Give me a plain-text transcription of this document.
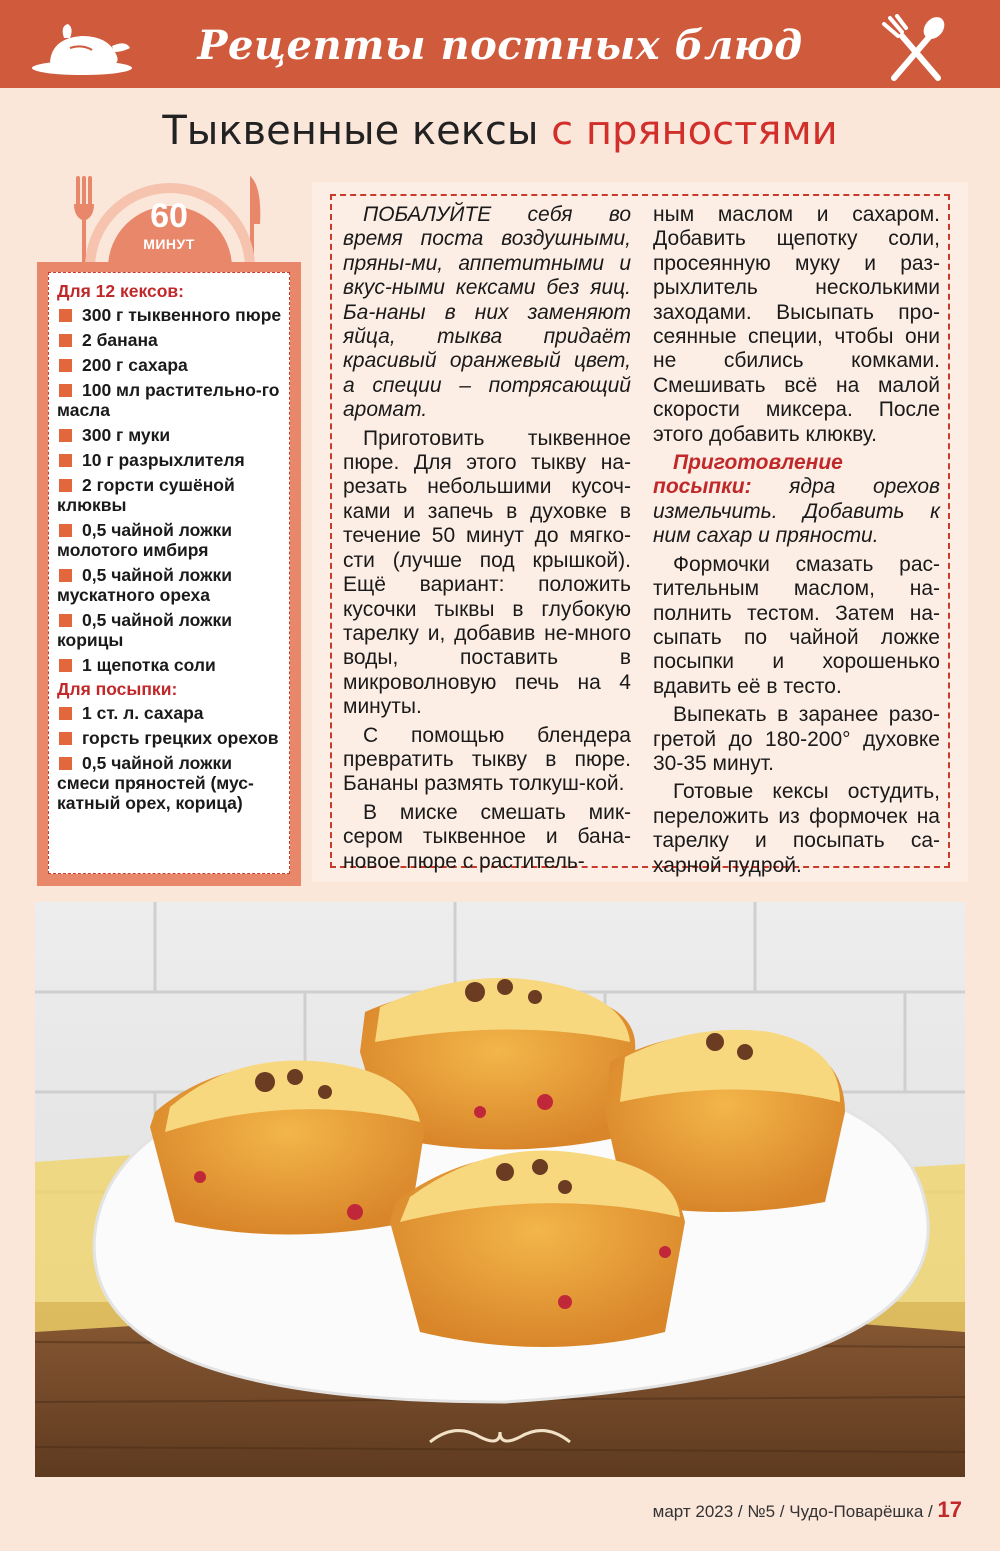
Рецепты постных блюд
Тыквенные кексы с пряностями
60
МИНУТ
Для 12 кексов:
300 г тыквенного пюре
2 банана
200 г сахара
100 мл растительно-го масла
300 г муки
10 г разрыхлителя
2 горсти сушёной клюквы
0,5 чайной ложки молотого имбиря
0,5 чайной ложки мускатного ореха
0,5 чайной ложки корицы
1 щепотка соли
Для посыпки:
1 ст. л. сахара
горсть грецких орехов
0,5 чайной ложки смеси пряностей (мус-катный орех, корица)

ПОБАЛУЙТЕ себя во время поста воздушными, пряны-ми, аппетитными и вкус-ными кексами без яиц. Ба-наны в них заменяют яйца, тыква придаёт красивый оранжевый цвет, а специи – потрясающий аромат.

Приготовить тыквенное пюре. Для этого тыкву на-резать небольшими кусоч-ками и запечь в духовке в течение 50 минут до мягко-сти (лучше под крышкой). Ещё вариант: положить кусочки тыквы в глубокую тарелку и, добавив не-много воды, поставить в микроволновую печь на 4 минуты.

С помощью блендера превратить тыкву в пюре. Бананы размять толкуш-кой.

В миске смешать мик-сером тыквенное и бана-новое пюре с раститель-

ным маслом и сахаром. Добавить щепотку соли, просеянную муку и раз-рыхлитель несколькими заходами. Высыпать про-сеянные специи, чтобы они не сбились комками. Смешивать всё на малой скорости миксера. После этого добавить клюкву.

Приготовление посыпки: ядра орехов измельчить. Добавить к ним сахар и пряности.

Формочки смазать рас-тительным маслом, на-полнить тестом. Затем на-сыпать по чайной ложке посыпки и хорошенько вдавить её в тесто.

Выпекать в заранее разо-гретой до 180-200° духовке 30-35 минут.

Готовые кексы остудить, переложить из формочек на тарелку и посыпать са-харной пудрой.

март 2023 / №5 / Чудо-Поварёшка / 17
